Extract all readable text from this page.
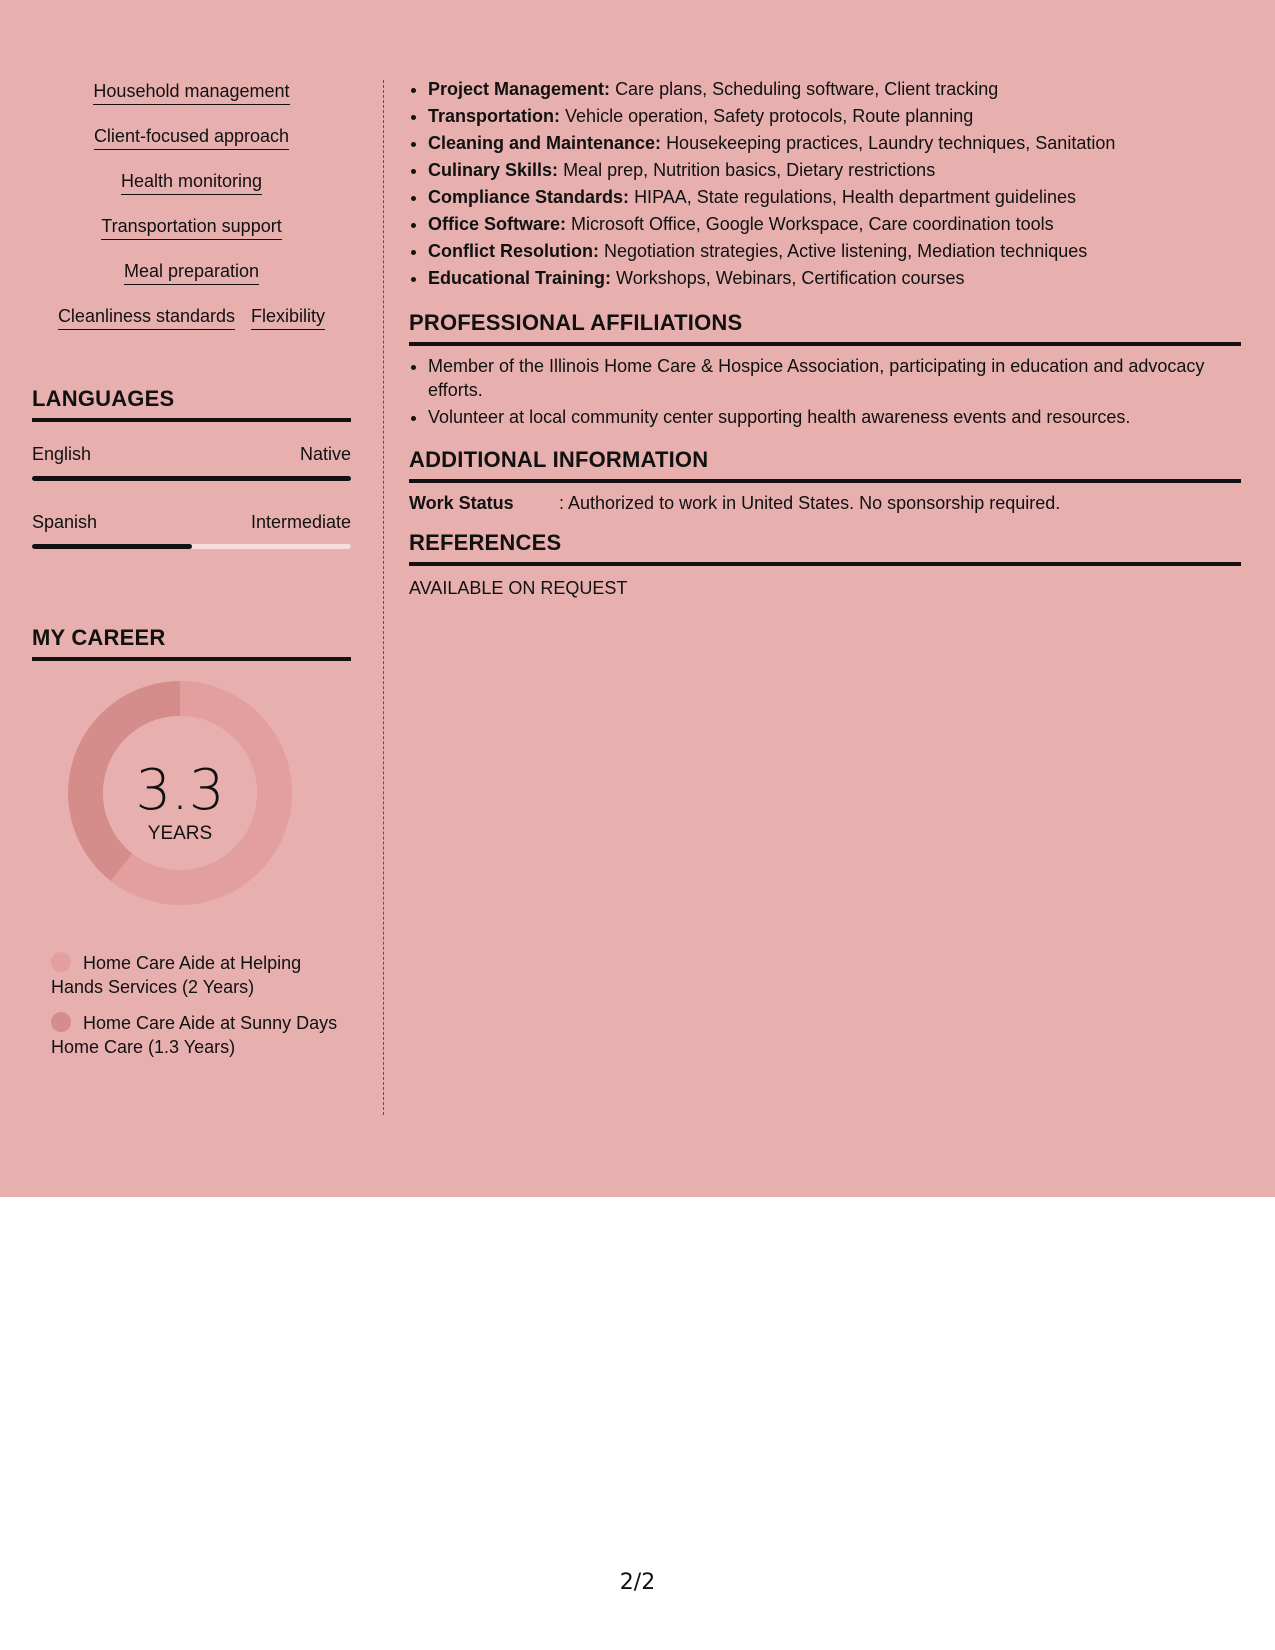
Household management
Client-focused approach
Health monitoring
Transportation support
Meal preparation
Cleanliness standards Flexibility
LANGUAGES
English	Native
Spanish	Intermediate
MY CAREER
3.3
YEARS
Home Care Aide at Helping Hands Services (2 Years)
Home Care Aide at Sunny Days Home Care (1.3 Years)
• Project Management: Care plans, Scheduling software, Client tracking
• Transportation: Vehicle operation, Safety protocols, Route planning
• Cleaning and Maintenance: Housekeeping practices, Laundry techniques, Sanitation
• Culinary Skills: Meal prep, Nutrition basics, Dietary restrictions
• Compliance Standards: HIPAA, State regulations, Health department guidelines
• Office Software: Microsoft Office, Google Workspace, Care coordination tools
• Conflict Resolution: Negotiation strategies, Active listening, Mediation techniques
• Educational Training: Workshops, Webinars, Certification courses
PROFESSIONAL AFFILIATIONS
• Member of the Illinois Home Care & Hospice Association, participating in education and advocacy efforts.
• Volunteer at local community center supporting health awareness events and resources.
ADDITIONAL INFORMATION
Work Status	: Authorized to work in United States. No sponsorship required.
REFERENCES
AVAILABLE ON REQUEST
2/2
